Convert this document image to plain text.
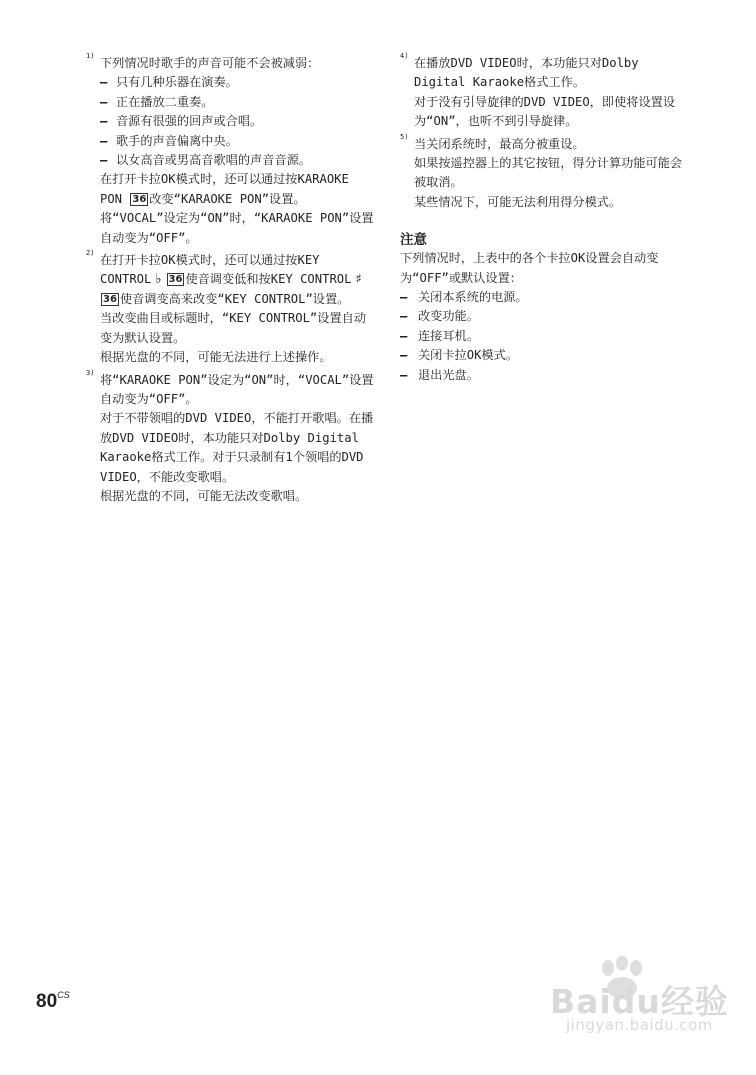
1) 下列情况时歌手的声音可能不会被减弱：
– 只有几种乐器在演奏。
– 正在播放二重奏。
– 音源有很强的回声或合唱。
– 歌手的声音偏离中央。
– 以女高音或男高音歌唱的声音音源。
在打开卡拉OK模式时，还可以通过按KARAOKE PON 36 改变“KARAOKE PON”设置。
将“VOCAL”设定为“ON”时，“KARAOKE PON”设置自动变为“OFF”。
2) 在打开卡拉OK模式时，还可以通过按KEY CONTROL ♭ 36 使音调变低和按KEY CONTROL ♯36 使音调变高来改变“KEY CONTROL”设置。
当改变曲目或标题时，“KEY CONTROL”设置自动变为默认设置。
根据光盘的不同，可能无法进行上述操作。
3) 将“KARAOKE PON”设定为“ON”时，“VOCAL”设置自动变为“OFF”。
对于不带领唱的DVD VIDEO，不能打开歌唱。在播放DVD VIDEO时，本功能只对Dolby Digital Karaoke格式工作。对于只录制有1个领唱的DVD VIDEO，不能改变歌唱。
根据光盘的不同，可能无法改变歌唱。
4) 在播放DVD VIDEO时，本功能只对Dolby Digital Karaoke格式工作。
对于没有引导旋律的DVD VIDEO，即使将设置设为“ON”，也听不到引导旋律。
5) 当关闭系统时，最高分被重设。
如果按遥控器上的其它按钮，得分计算功能可能会被取消。
某些情况下，可能无法利用得分模式。
注意
下列情况时，上表中的各个卡拉OK设置会自动变为“OFF”或默认设置：
– 关闭本系统的电源。
– 改变功能。
– 连接耳机。
– 关闭卡拉OK模式。
– 退出光盘。
$80^{CS}$	Baidu经验
jingyan.baidu.com
